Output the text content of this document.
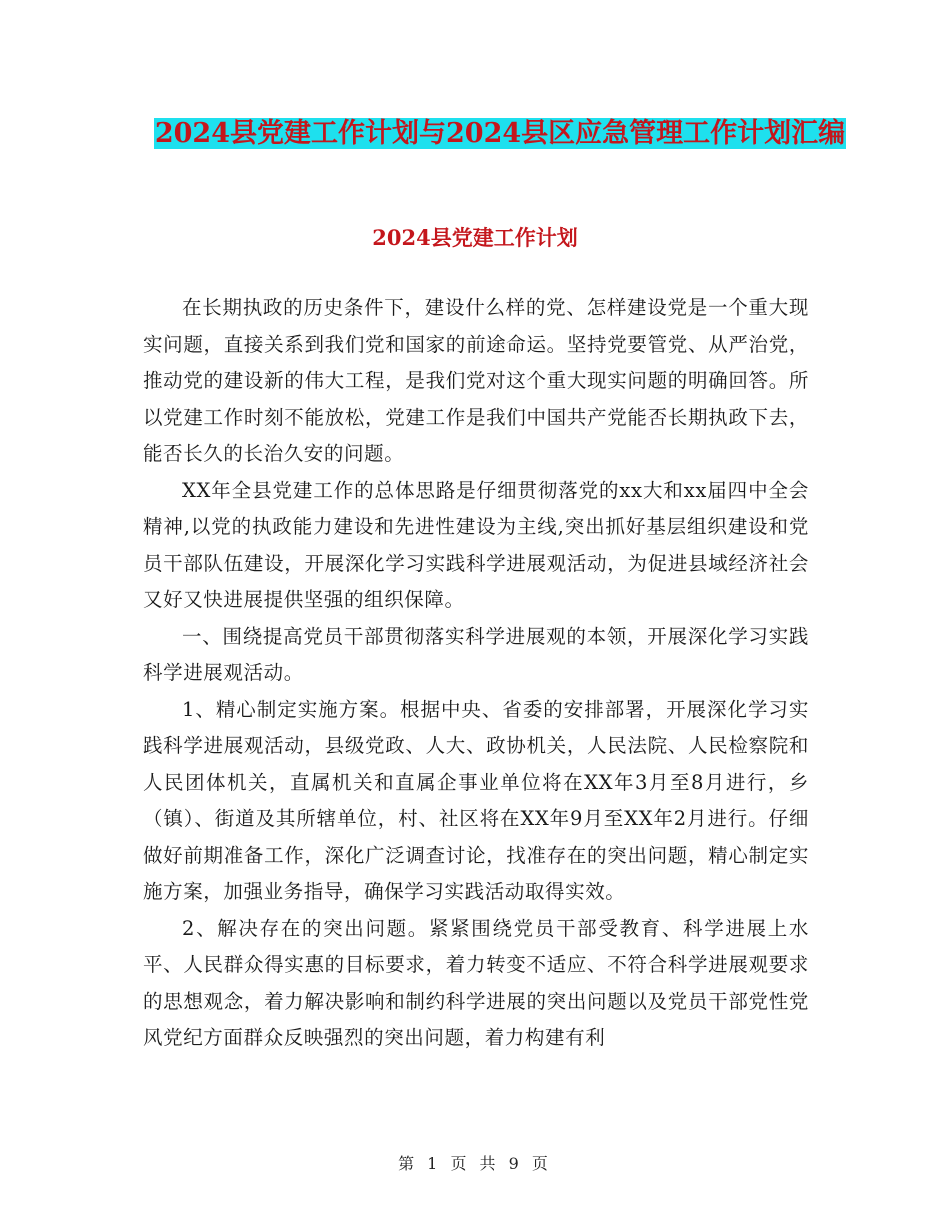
2024县党建工作计划与2024县区应急管理工作计划汇编
2024县党建工作计划

在长期执政的历史条件下，建设什么样的党、怎样建设党是一个重大现实问题，直接关系到我们党和国家的前途命运。坚持党要管党、从严治党，推动党的建设新的伟大工程，是我们党对这个重大现实问题的明确回答。所以党建工作时刻不能放松，党建工作是我们中国共产党能否长期执政下去，能否长久的长治久安的问题。

XX年全县党建工作的总体思路是仔细贯彻落党的xx大和xx届四中全会精神,以党的执政能力建设和先进性建设为主线,突出抓好基层组织建设和党员干部队伍建设，开展深化学习实践科学进展观活动，为促进县域经济社会又好又快进展提供坚强的组织保障。

一、围绕提高党员干部贯彻落实科学进展观的本领，开展深化学习实践科学进展观活动。

1、精心制定实施方案。根据中央、省委的安排部署，开展深化学习实践科学进展观活动，县级党政、人大、政协机关，人民法院、人民检察院和人民团体机关，直属机关和直属企事业单位将在XX年3月至8月进行，乡（镇）、街道及其所辖单位，村、社区将在XX年9月至XX年2月进行。仔细做好前期准备工作，深化广泛调查讨论，找准存在的突出问题，精心制定实施方案，加强业务指导，确保学习实践活动取得实效。

2、解决存在的突出问题。紧紧围绕党员干部受教育、科学进展上水平、人民群众得实惠的目标要求，着力转变不适应、不符合科学进展观要求的思想观念，着力解决影响和制约科学进展的突出问题以及党员干部党性党风党纪方面群众反映强烈的突出问题，着力构建有利

第 1 页 共 9 页
